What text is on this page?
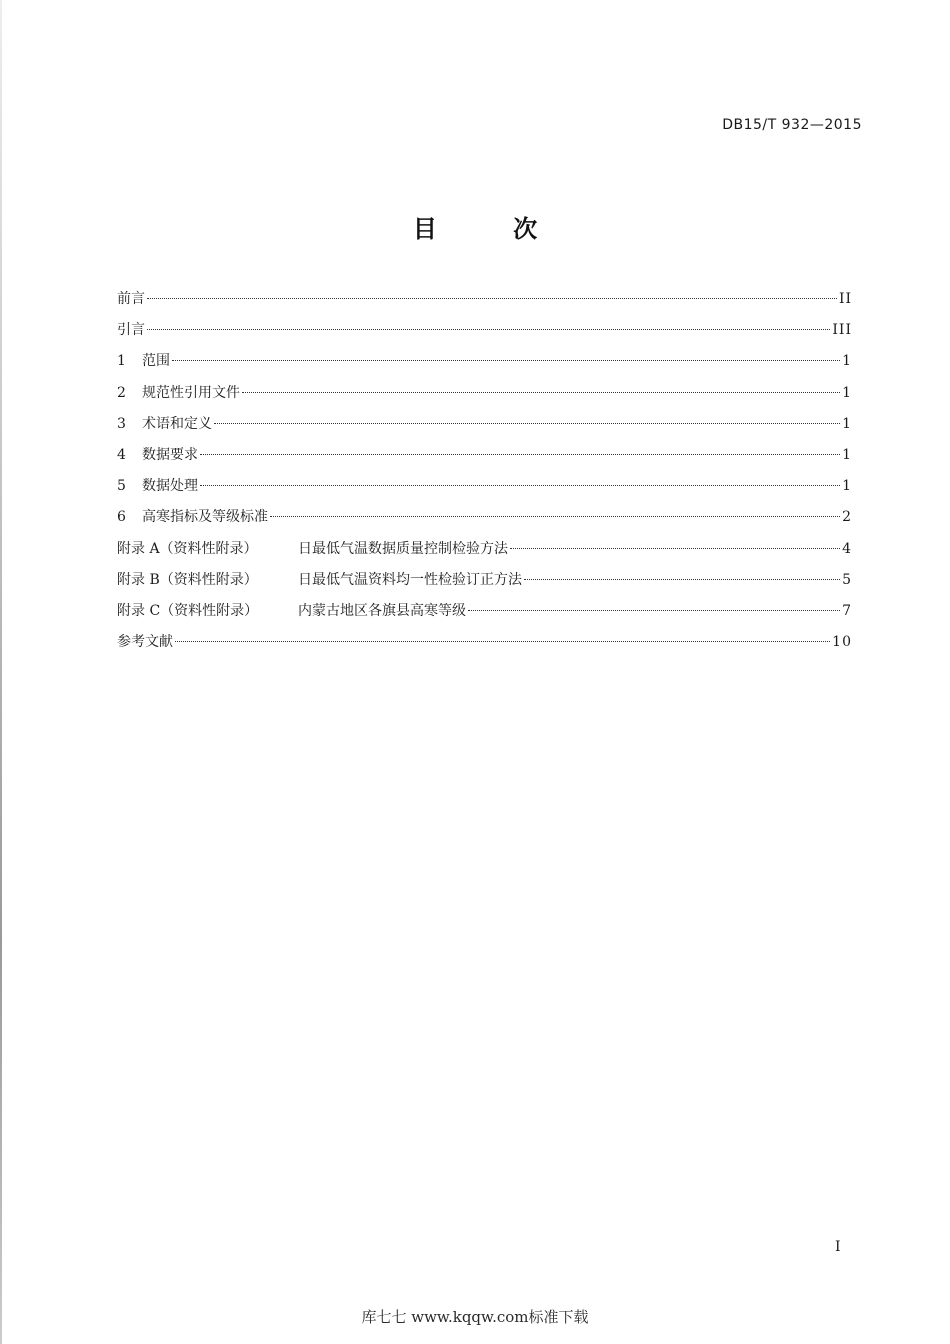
DB15/T 932—2015
目 次
前言	II
引言	III
1 范围	1
2 规范性引用文件	1
3 术语和定义	1
4 数据要求	1
5 数据处理	1
6 高寒指标及等级标准	2
附录 A（资料性附录）	日最低气温数据质量控制检验方法	4
附录 B（资料性附录）	日最低气温资料均一性检验订正方法	5
附录 C（资料性附录）	内蒙古地区各旗县高寒等级	7
参考文献	10
I
库七七 www.kqqw.com标准下载
